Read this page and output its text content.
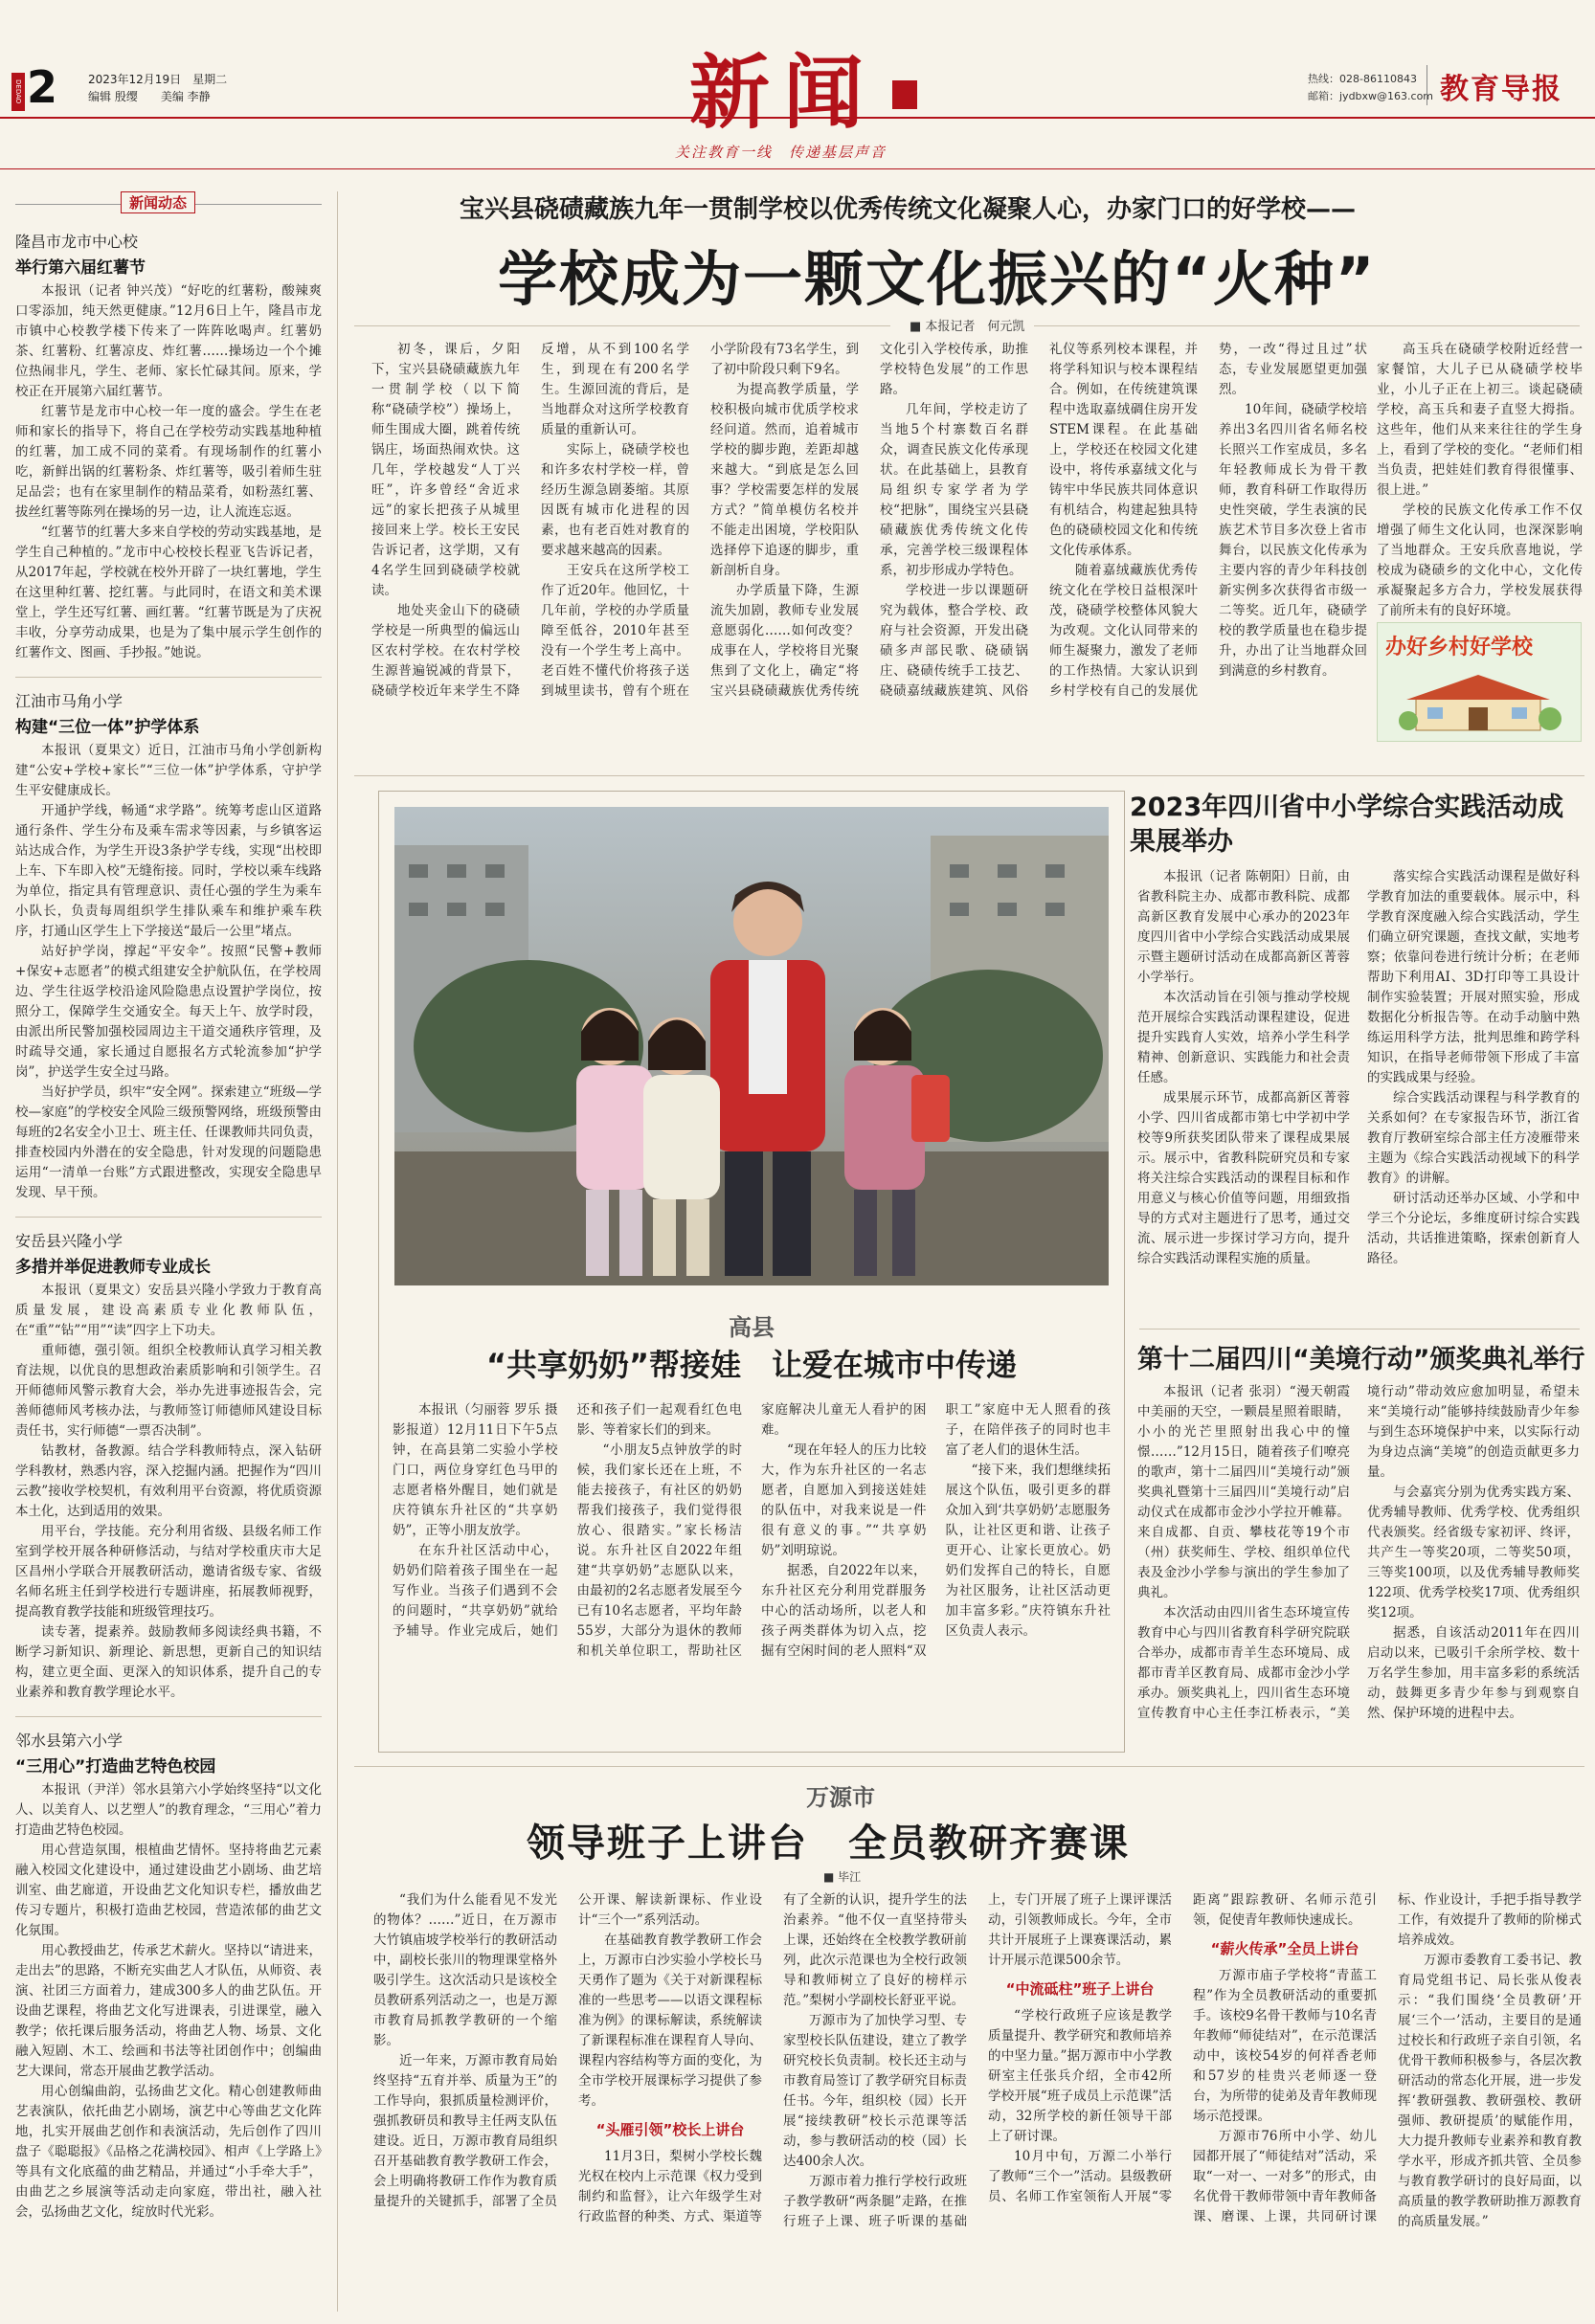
DEDAO 2	2023年12月19日　星期二
编辑 殷缨　　美编 李静	新闻
关注教育一线　传递基层声音
热线：028-86110843
邮箱：jydbxw@163.com 教育导报
新闻动态
隆昌市龙市中心校
举行第六届红薯节

本报讯（记者 钟兴茂）“好吃的红薯粉，酸辣爽口零添加，纯天然更健康。”12月6日上午，隆昌市龙市镇中心校教学楼下传来了一阵阵吆喝声。红薯奶茶、红薯粉、红薯凉皮、炸红薯……操场边一个个摊位热闹非凡，学生、老师、家长忙碌其间。原来，学校正在开展第六届红薯节。

红薯节是龙市中心校一年一度的盛会。学生在老师和家长的指导下，将自己在学校劳动实践基地种植的红薯，加工成不同的菜肴。有现场制作的红薯小吃，新鲜出锅的红薯粉条、炸红薯等，吸引着师生驻足品尝；也有在家里制作的精品菜肴，如粉蒸红薯、拔丝红薯等陈列在操场的另一边，让人流连忘返。

“红薯节的红薯大多来自学校的劳动实践基地，是学生自己种植的。”龙市中心校校长程亚飞告诉记者，从2017年起，学校就在校外开辟了一块红薯地，学生在这里种红薯、挖红薯。与此同时，在语文和美术课堂上，学生还写红薯、画红薯。“红薯节既是为了庆祝丰收，分享劳动成果，也是为了集中展示学生创作的红薯作文、图画、手抄报。”她说。

江油市马角小学
构建“三位一体”护学体系

本报讯（夏果文）近日，江油市马角小学创新构建“公安+学校+家长”“三位一体”护学体系，守护学生平安健康成长。

开通护学线，畅通“求学路”。统筹考虑山区道路通行条件、学生分布及乘车需求等因素，与乡镇客运站达成合作，为学生开设3条护学专线，实现“出校即上车、下车即入校”无缝衔接。同时，学校以乘车线路为单位，指定具有管理意识、责任心强的学生为乘车小队长，负责每周组织学生排队乘车和维护乘车秩序，打通山区学生上下学接送“最后一公里”堵点。

站好护学岗，撑起“平安伞”。按照“民警+教师+保安+志愿者”的模式组建安全护航队伍，在学校周边、学生往返学校沿途风险隐患点设置护学岗位，按照分工，保障学生交通安全。每天上午、放学时段，由派出所民警加强校园周边主干道交通秩序管理，及时疏导交通，家长通过自愿报名方式轮流参加“护学岗”，护送学生安全过马路。

当好护学员，织牢“安全网”。探索建立“班级—学校—家庭”的学校安全风险三级预警网络，班级预警由每班的2名安全小卫士、班主任、任课教师共同负责，排查校园内外潜在的安全隐患，针对发现的问题隐患运用“一清单一台账”方式跟进整改，实现安全隐患早发现、早干预。

安岳县兴隆小学
多措并举促进教师专业成长

本报讯（夏果文）安岳县兴隆小学致力于教育高质量发展，建设高素质专业化教师队伍，在“重”“钻”“用”“读”四字上下功夫。

重师德，强引领。组织全校教师认真学习相关教育法规，以优良的思想政治素质影响和引领学生。召开师德师风警示教育大会，举办先进事迹报告会，完善师德师风考核办法，与教师签订师德师风建设目标责任书，实行师德“一票否决制”。

钻教材，备教源。结合学科教师特点，深入钻研学科教材，熟悉内容，深入挖掘内涵。把握作为“四川云教”接收学校契机，有效利用平台资源，将优质资源本土化，达到适用的效果。

用平台，学技能。充分利用省级、县级名师工作室到学校开展各种研修活动，与结对学校重庆市大足区昌州小学联合开展教研活动，邀请省级专家、省级名师名班主任到学校进行专题讲座，拓展教师视野，提高教育教学技能和班级管理技巧。

读专著，提素养。鼓励教师多阅读经典书籍，不断学习新知识、新理论、新思想，更新自己的知识结构，建立更全面、更深入的知识体系，提升自己的专业素养和教育教学理论水平。

邻水县第六小学
“三用心”打造曲艺特色校园

本报讯（尹洋）邻水县第六小学始终坚持“以文化人、以美育人、以艺塑人”的教育理念，“三用心”着力打造曲艺特色校园。

用心营造氛围，根植曲艺情怀。坚持将曲艺元素融入校园文化建设中，通过建设曲艺小剧场、曲艺培训室、曲艺廊道，开设曲艺文化知识专栏，播放曲艺传习专题片，积极打造曲艺校园，营造浓郁的曲艺文化氛围。

用心教授曲艺，传承艺术薪火。坚持以“请进来，走出去”的思路，不断充实曲艺人才队伍，从师资、表演、社团三方面着力，建成300多人的曲艺队伍。开设曲艺课程，将曲艺文化写进课表，引进课堂，融入教学；依托课后服务活动，将曲艺人物、场景、文化融入短剧、木工、绘画和书法等社团创作中；创编曲艺大课间，常态开展曲艺教学活动。

用心创编曲韵，弘扬曲艺文化。精心创建教师曲艺表演队，依托曲艺小剧场，演艺中心等曲艺文化阵地，扎实开展曲艺创作和表演活动，先后创作了四川盘子《聪聪报》《品格之花满校园》、相声《上学路上》等具有文化底蕴的曲艺精品，并通过“小手牵大手”，由曲艺之乡展演等活动走向家庭，带出社，融入社会，弘扬曲艺文化，绽放时代光彩。

宝兴县硗碛藏族九年一贯制学校以优秀传统文化凝聚人心，办家门口的好学校——
学校成为一颗文化振兴的“火种”
■ 本报记者　何元凯

初冬，课后，夕阳下，宝兴县硗碛藏族九年一贯制学校（以下简称“硗碛学校”）操场上，师生围成大圈，跳着传统锅庄，场面热闹欢快。这几年，学校越发“人丁兴旺”，许多曾经“舍近求远”的家长把孩子从城里接回来上学。校长王安民告诉记者，这学期，又有4名学生回到硗碛学校就读。

地处夹金山下的硗碛学校是一所典型的偏远山区农村学校。在农村学校生源普遍锐减的背景下，硗碛学校近年来学生不降反增，从不到100名学生，到现在有200名学生。生源回流的背后，是当地群众对这所学校教育质量的重新认可。

实际上，硗碛学校也和许多农村学校一样，曾经历生源急剧萎缩。其原因既有城市化进程的因素，也有老百姓对教育的要求越来越高的因素。

王安兵在这所学校工作了近20年。他回忆，十几年前，学校的办学质量障至低谷，2010年甚至没有一个学生考上高中。老百姓不懂代价将孩子送到城里读书，曾有个班在小学阶段有73名学生，到了初中阶段只剩下9名。

为提高教学质量，学校积极向城市优质学校求经问道。然而，追着城市学校的脚步跑，差距却越来越大。“到底是怎么回事？学校需要怎样的发展方式？”简单模仿名校并不能走出困境，学校阳队选择停下追逐的脚步，重新剖析自身。

办学质量下降，生源流失加剧，教师专业发展意愿弱化……如何改变？成事在人，学校将目光聚焦到了文化上，确定“将宝兴县硗碛藏族优秀传统文化引入学校传承，助推学校特色发展”的工作思路。

几年间，学校走访了当地5个村寨数百名群众，调查民族文化传承现状。在此基础上，县教育局组织专家学者为学校“把脉”，围绕宝兴县硗碛藏族优秀传统文化传承，完善学校三级课程体系，初步形成办学特色。

学校进一步以课题研究为载体，整合学校、政府与社会资源，开发出硗碛多声部民歌、硗碛锅庄、硗碛传统手工技艺、硗碛嘉绒藏族建筑、风俗礼仪等系列校本课程，并将学科知识与校本课程结合。例如，在传统建筑课程中选取嘉绒碉住房开发STEM课程。在此基础上，学校还在校园文化建设中，将传承嘉绒文化与铸牢中华民族共同体意识有机结合，构建起独具特色的硗碛校园文化和传统文化传承体系。

随着嘉绒藏族优秀传统文化在学校日益根深叶茂，硗碛学校整体风貌大为改观。文化认同带来的师生凝聚力，激发了老师的工作热情。大家认识到乡村学校有自己的发展优势，一改“得过且过”状态，专业发展愿望更加强烈。

10年间，硗碛学校培养出3名四川省名师名校长照兴工作室成员，多名年轻教师成长为骨干教师，教育科研工作取得历史性突破，学生表演的民族艺术节目多次登上省市舞台，以民族文化传承为主要内容的青少年科技创新实例多次获得省市级一二等奖。近几年，硗碛学校的教学质量也在稳步提升，办出了让当地群众回到满意的乡村教育。

高玉兵在硗碛学校附近经营一家餐馆，大儿子已从硗碛学校毕业，小儿子正在上初三。谈起硗碛学校，高玉兵和妻子直竖大拇指。这些年，他们从来来往往的学生身上，看到了学校的变化。“老师们相当负责，把娃娃们教育得很懂事、很上进。”

学校的民族文化传承工作不仅增强了师生文化认同，也深深影响了当地群众。王安兵欣喜地说，学校成为硗碛乡的文化中心，文化传承凝聚起多方合力，学校发展获得了前所未有的良好环境。

办好乡村好学校
高县
“共享奶奶”帮接娃　让爱在城市中传递

本报讯（匀丽蓉 罗乐 摄影报道）12月11日下午5点钟，在高县第二实验小学校门口，两位身穿红色马甲的志愿者格外醒目，她们就是庆符镇东升社区的“共享奶奶”，正等小朋友放学。

在东升社区活动中心，奶奶们陪着孩子围坐在一起写作业。当孩子们遇到不会的问题时，“共享奶奶”就给予辅导。作业完成后，她们还和孩子们一起观看红色电影、等着家长们的到来。

“小朋友5点钟放学的时候，我们家长还在上班，不能去接孩子，有社区的奶奶帮我们接孩子，我们觉得很放心、很踏实。”家长杨洁说。东升社区自2022年组建“共享奶奶”志愿队以来，由最初的2名志愿者发展至今已有10名志愿者，平均年龄55岁，大部分为退休的教师和机关单位职工，帮助社区家庭解决儿童无人看护的困难。

“现在年轻人的压力比较大，作为东升社区的一名志愿者，自愿加入到接送娃娃的队伍中，对我来说是一件很有意义的事。”“共享奶奶”刘明琼说。

据悉，自2022年以来，东升社区充分利用党群服务中心的活动场所，以老人和孩子两类群体为切入点，挖掘有空闲时间的老人照料“双职工”家庭中无人照看的孩子，在陪伴孩子的同时也丰富了老人们的退休生活。

“接下来，我们想继续拓展这个队伍，吸引更多的群众加入到‘共享奶奶’志愿服务队，让社区更和谐、让孩子更开心、让家长更放心。奶奶们发挥自己的特长，自愿为社区服务，让社区活动更加丰富多彩。”庆符镇东升社区负责人表示。

2023年四川省中小学综合实践活动成果展举办

本报讯（记者 陈朝阳）日前，由省教科院主办、成都市教科院、成都高新区教育发展中心承办的2023年度四川省中小学综合实践活动成果展示暨主题研讨活动在成都高新区菁蓉小学举行。

本次活动旨在引领与推动学校规范开展综合实践活动课程建设，促进提升实践育人实效，培养小学生科学精神、创新意识、实践能力和社会责任感。

成果展示环节，成都高新区菁蓉小学、四川省成都市第七中学初中学校等9所获奖团队带来了课程成果展示。展示中，省教科院研究员和专家将关注综合实践活动的课程目标和作用意义与核心价值等问题，用细致指导的方式对主题进行了思考，通过交流、展示进一步探讨学习方向，提升综合实践活动课程实施的质量。

落实综合实践活动课程是做好科学教育加法的重要载体。展示中，科学教育深度融入综合实践活动，学生们确立研究课题，查找文献，实地考察；依靠问卷进行统计分析；在老师帮助下利用AI、3D打印等工具设计制作实验装置；开展对照实验，形成数据化分析报告等。在动手动脑中熟练运用科学方法，批判思维和跨学科知识，在指导老师带领下形成了丰富的实践成果与经验。

综合实践活动课程与科学教育的关系如何？在专家报告环节，浙江省教育厅教研室综合部主任方凌雁带来主题为《综合实践活动视域下的科学教育》的讲解。

研讨活动还举办区域、小学和中学三个分论坛，多维度研讨综合实践活动，共话推进策略，探索创新育人路径。

第十二届四川“美境行动”颁奖典礼举行

本报讯（记者 张羽）“漫天朝霞中美丽的天空，一颗晨星照着眼睛，小小的光芒里照射出我心中的憧憬……”12月15日，随着孩子们嘹亮的歌声，第十二届四川“美境行动”颁奖典礼暨第十三届四川“美境行动”启动仪式在成都市金沙小学拉开帷幕。来自成都、自贡、攀枝花等19个市（州）获奖师生、学校、组织单位代表及金沙小学参与演出的学生参加了典礼。

本次活动由四川省生态环境宣传教育中心与四川省教育科学研究院联合举办，成都市青羊生态环境局、成都市青羊区教育局、成都市金沙小学承办。颁奖典礼上，四川省生态环境宣传教育中心主任李江桥表示，“美境行动”带动效应愈加明显，希望未来“美境行动”能够持续鼓励青少年参与到生态环境保护中来，以实际行动为身边点滴“美境”的创造贡献更多力量。

与会嘉宾分别为优秀实践方案、优秀辅导教师、优秀学校、优秀组织代表颁奖。经省级专家初评、终评，共产生一等奖20项，二等奖50项，三等奖100项，以及优秀辅导教师奖122项、优秀学校奖17项、优秀组织奖12项。

据悉，自该活动2011年在四川启动以来，已吸引千余所学校、数十万名学生参加，用丰富多彩的系统活动，鼓舞更多青少年参与到观察自然、保护环境的进程中去。

万源市
领导班子上讲台　全员教研齐赛课
■ 毕江

“我们为什么能看见不发光的物体？……”近日，在万源市大竹镇庙坡学校举行的教研活动中，副校长张川的物理课堂格外吸引学生。这次活动只是该校全员教研系列活动之一，也是万源市教育局抓教学教研的一个缩影。

近一年来，万源市教育局始终坚持“五育并举、质量为王”的工作导向，狠抓质量检测评价，强抓教研员和教导主任两支队伍建设。近日，万源市教育局组织召开基础教育教学教研工作会，会上明确将教研工作作为教育质量提升的关键抓手，部署了全员公开课、解读新课标、作业设计“三个一”系列活动。

在基础教育教学教研工作会上，万源市白沙实验小学校长马天勇作了题为《关于对新课程标准的一些思考——以语文课程标准为例》的课标解读，系统解读了新课程标准在课程育人导向、课程内容结构等方面的变化，为全市学校开展课标学习提供了参考。

“头雁引领”校长上讲台

11月3日，梨树小学校长魏光权在校内上示范课《权力受到制约和监督》，让六年级学生对行政监督的种类、方式、渠道等有了全新的认识，提升学生的法治素养。“他不仅一直坚持带头上课，还始终在全校教学教研前列，此次示范课也为全校行政领导和教师树立了良好的榜样示范。”梨树小学副校长舒亚平说。

万源市为了加快学习型、专家型校长队伍建设，建立了教学研究校长负责制。校长还主动与市教育局签订了教学研究目标责任书。今年，组织校（园）长开展“接续教研”校长示范课等活动，参与教研活动的校（园）长达400余人次。

万源市着力推行学校行政班子教学教研“两条腿”走路，在推行班子上课、班子听课的基础上，专门开展了班子上课评课活动，引领教师成长。今年，全市共计开展班子上课赛课活动，累计开展示范课500余节。

“中流砥柱”班子上讲台

“学校行政班子应该是教学质量提升、教学研究和教师培养的中坚力量。”据万源市中小学教研室主任张兵介绍，全市42所学校开展“班子成员上示范课”活动，32所学校的新任领导干部上了研讨课。

10月中旬，万源二小举行了教师“三个一”活动。县级教研员、名师工作室领衔人开展“零距离”跟踪教研、名师示范引领，促使青年教师快速成长。

“薪火传承”全员上讲台

万源市庙子学校将“青蓝工程”作为全员教研活动的重要抓手。该校9名骨干教师与10名青年教师“师徒结对”，在示范课活动中，该校54岁的何祥香老师和57岁的桂贵兴老师逐一登台，为所带的徒弟及青年教师现场示范授课。

万源市76所中小学、幼儿园都开展了“师徒结对”活动，采取“一对一、一对多”的形式，由名优骨干教师带领中青年教师备课、磨课、上课，共同研讨课标、作业设计，手把手指导教学工作，有效提升了教师的阶梯式培养成效。

万源市委教育工委书记、教育局党组书记、局长张从俊表示：“我们围绕‘全员教研’开展‘三个一’活动，主要目的是通过校长和行政班子亲自引领，名优骨干教师积极参与，各层次教研活动的常态化开展，进一步发挥‘教研强教、教研强校、教研强师、教研提质’的赋能作用，大力提升教师专业素养和教育教学水平，形成齐抓共管、全员参与教育教学研讨的良好局面，以高质量的教学教研助推万源教育的高质量发展。”
